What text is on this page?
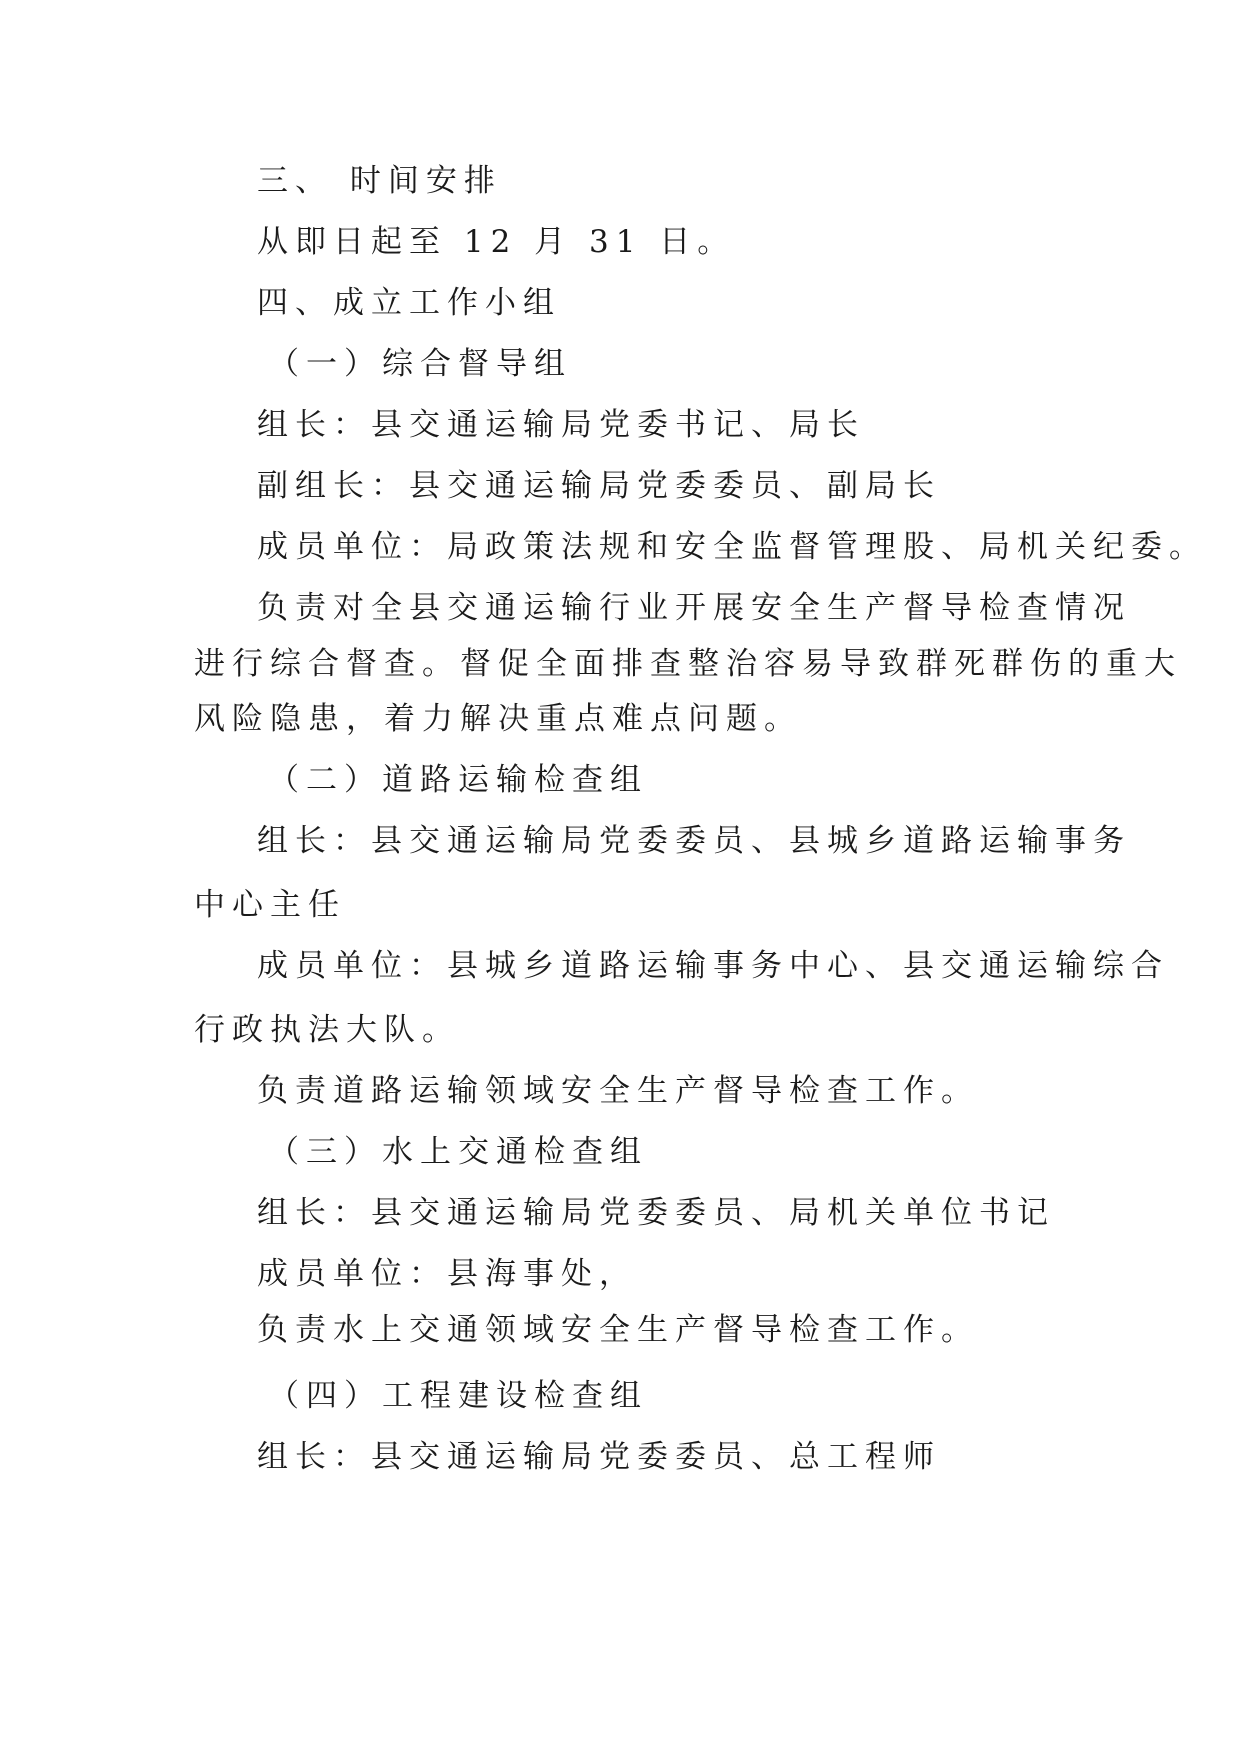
三、 时间安排
从即日起至 12 月 31 日。
四、成立工作小组
（一）综合督导组
组长：县交通运输局党委书记、局长
副组长：县交通运输局党委委员、副局长
成员单位：局政策法规和安全监督管理股、局机关纪委。
负责对全县交通运输行业开展安全生产督导检查情况
进行综合督查。督促全面排查整治容易导致群死群伤的重大
风险隐患，着力解决重点难点问题。
（二）道路运输检查组
组长：县交通运输局党委委员、县城乡道路运输事务
中心主任
成员单位：县城乡道路运输事务中心、县交通运输综合
行政执法大队。
负责道路运输领域安全生产督导检查工作。
（三）水上交通检查组
组长：县交通运输局党委委员、局机关单位书记
成员单位：县海事处，
负责水上交通领域安全生产督导检查工作。
（四）工程建设检查组
组长：县交通运输局党委委员、总工程师
